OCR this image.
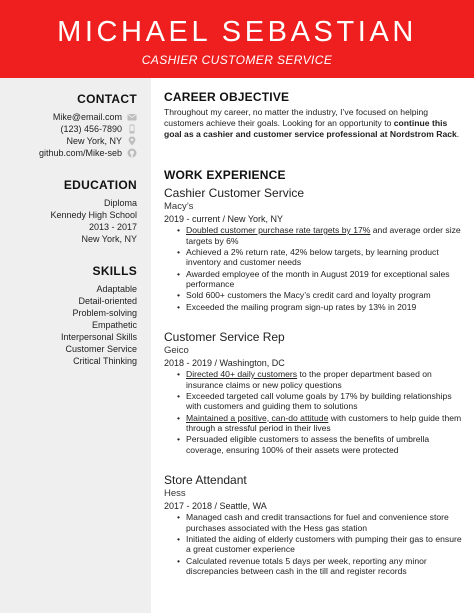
MICHAEL SEBASTIAN
CASHIER CUSTOMER SERVICE
CONTACT
Mike@email.com
(123) 456-7890
New York, NY
github.com/Mike-seb
EDUCATION
Diploma
Kennedy High School
2013 - 2017
New York, NY
SKILLS
Adaptable
Detail-oriented
Problem-solving
Empathetic
Interpersonal Skills
Customer Service
Critical Thinking
CAREER OBJECTIVE
Throughout my career, no matter the industry, I’ve focused on helping customers achieve their goals. Looking for an opportunity to continue this goal as a cashier and customer service professional at Nordstrom Rack.
WORK EXPERIENCE
Cashier Customer Service
Macy’s
2019 - current / New York, NY
• Doubled customer purchase rate targets by 17% and average order size targets by 6%
• Achieved a 2% return rate, 42% below targets, by learning product inventory and customer needs
• Awarded employee of the month in August 2019 for exceptional sales performance
• Sold 600+ customers the Macy’s credit card and loyalty program
• Exceeded the mailing program sign-up rates by 13% in 2019
Customer Service Rep
Geico
2018 - 2019 / Washington, DC
• Directed 40+ daily customers to the proper department based on insurance claims or new policy questions
• Exceeded targeted call volume goals by 17% by building relationships with customers and guiding them to solutions
• Maintained a positive, can-do attitude with customers to help guide them through a stressful period in their lives
• Persuaded eligible customers to assess the benefits of umbrella coverage, ensuring 100% of their assets were protected
Store Attendant
Hess
2017 - 2018 / Seattle, WA
• Managed cash and credit transactions for fuel and convenience store purchases associated with the Hess gas station
• Initiated the aiding of elderly customers with pumping their gas to ensure a great customer experience
• Calculated revenue totals 5 days per week, reporting any minor discrepancies between cash in the till and register records
